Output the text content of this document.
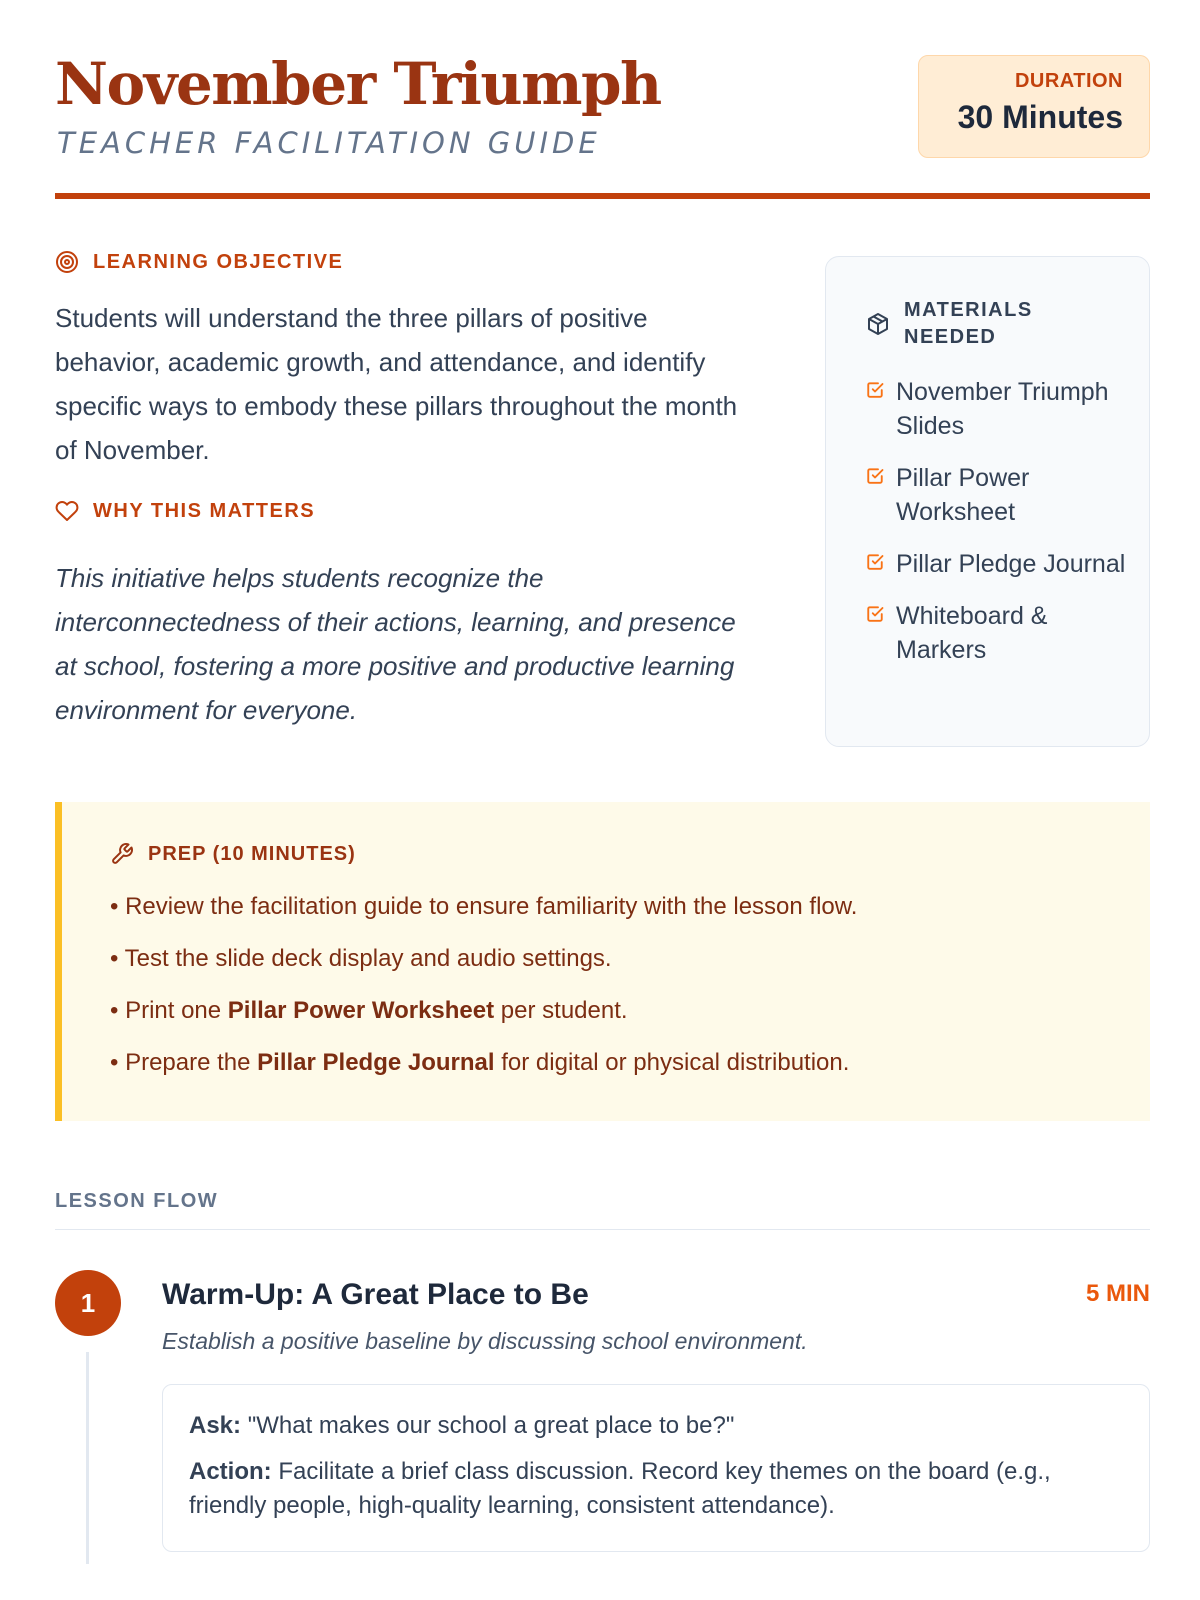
November Triumph
TEACHER FACILITATION GUIDE
DURATION
30 Minutes
LEARNING OBJECTIVE
Students will understand the three pillars of positive behavior, academic growth, and attendance, and identify specific ways to embody these pillars throughout the month of November.
WHY THIS MATTERS
This initiative helps students recognize the interconnectedness of their actions, learning, and presence at school, fostering a more positive and productive learning environment for everyone.
MATERIALS NEEDED
November Triumph Slides
Pillar Power Worksheet
Pillar Pledge Journal
Whiteboard & Markers
PREP (10 MINUTES)
• Review the facilitation guide to ensure familiarity with the lesson flow.
• Test the slide deck display and audio settings.
• Print one Pillar Power Worksheet per student.
• Prepare the Pillar Pledge Journal for digital or physical distribution.
LESSON FLOW
1	Warm-Up: A Great Place to Be	5 MIN
Establish a positive baseline by discussing school environment.

Ask: "What makes our school a great place to be?"

Action: Facilitate a brief class discussion. Record key themes on the board (e.g., friendly people, high-quality learning, consistent attendance).
